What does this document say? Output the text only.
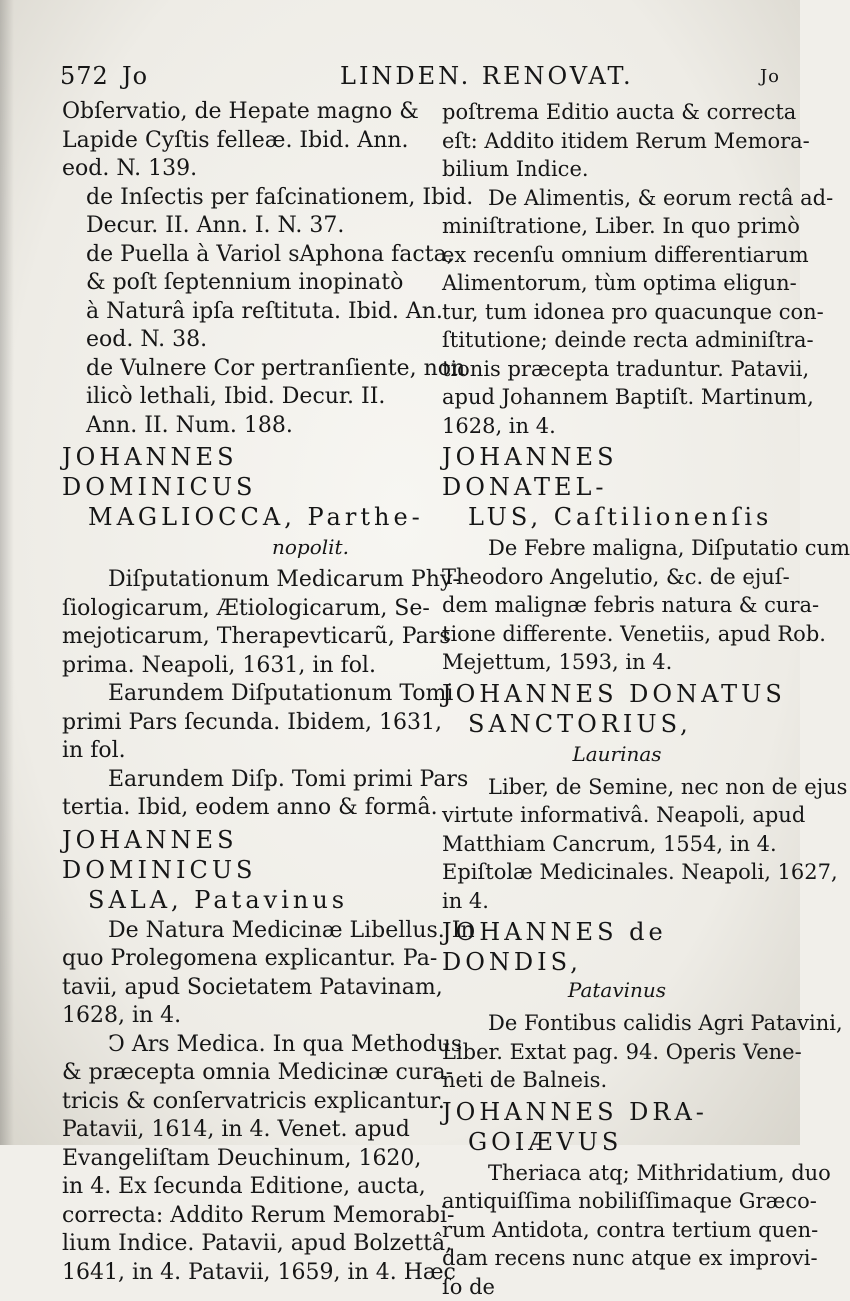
572 Jo	LINDEN. RENOVAT.	Jo
Obſervatio, de Hepate magno &
Lapide Cyſtis felleæ. Ibid. Ann.
eod. N. 139.
de Inſectis per faſcinationem, Ibid.
Decur. II. Ann. I. N. 37.
de Puella à Variol sAphona facta,
& poſt ſeptennium inopinatò
à Naturâ ipſa reſtituta. Ibid. An.
eod. N. 38.
de Vulnere Cor pertranſiente, non
ilicò lethali, Ibid. Decur. II.
Ann. II. Num. 188.
JOHANNES DOMINICUS
MAGLIOCCA, Parthe-
nopolit.
Diſputationum Medicarum Phy-
ſiologicarum, Ætiologicarum, Se-
mejoticarum, Therapevticarũ, Pars
prima. Neapoli, 1631, in fol.
Earundem Diſputationum Tomi
primi Pars ſecunda. Ibidem, 1631,
in fol.
Earundem Diſp. Tomi primi Pars
tertia. Ibid, eodem anno & formâ.
JOHANNES DOMINICUS
SALA, Patavinus
De Natura Medicinæ Libellus. In
quo Prolegomena explicantur. Pa-
tavii, apud Societatem Patavinam,
1628, in 4.
Ↄ Ars Medica. In qua Methodus
& præcepta omnia Medicinæ cura-
tricis & conſervatricis explicantur.
Patavii, 1614, in 4. Venet. apud
Evangeliſtam Deuchinum, 1620,
in 4. Ex ſecunda Editione, aucta,
correcta: Addito Rerum Memorabi-
lium Indice. Patavii, apud Bolzettâ,
1641, in 4. Patavii, 1659, in 4. Hæc
poſtrema Editio aucta & correcta
eſt: Addito itidem Rerum Memora-
bilium Indice.
De Alimentis, & eorum rectâ ad-
miniſtratione, Liber. In quo primò
ex recenſu omnium differentiarum
Alimentorum, tùm optima eligun-
tur, tum idonea pro quacunque con-
ſtitutione; deinde recta adminiſtra-
tionis præcepta traduntur. Patavii,
apud Johannem Baptiſt. Martinum,
1628, in 4.
JOHANNES DONATEL-
LUS, Caſtilionenſis
De Febre maligna, Diſputatio cum
Theodoro Angelutio, &c. de ejuſ-
dem malignæ febris natura & cura-
tione differente. Venetiis, apud Rob.
Mejettum, 1593, in 4.
JOHANNES DONATUS
SANCTORIUS,
Laurinas
Liber, de Semine, nec non de ejus
virtute informativâ. Neapoli, apud
Matthiam Cancrum, 1554, in 4.
Epiſtolæ Medicinales. Neapoli, 1627,
in 4.
JOHANNES de DONDIS,
Patavinus
De Fontibus calidis Agri Patavini,
Liber. Extat pag. 94. Operis Vene-
neti de Balneis.
JOHANNES DRA-
GOIÆVUS
Theriaca atq; Mithridatium, duo
antiquiſſima nobiliſſimaque Græco-
rum Antidota, contra tertium quen-
dam recens nunc atque ex improvi-
ſo de
